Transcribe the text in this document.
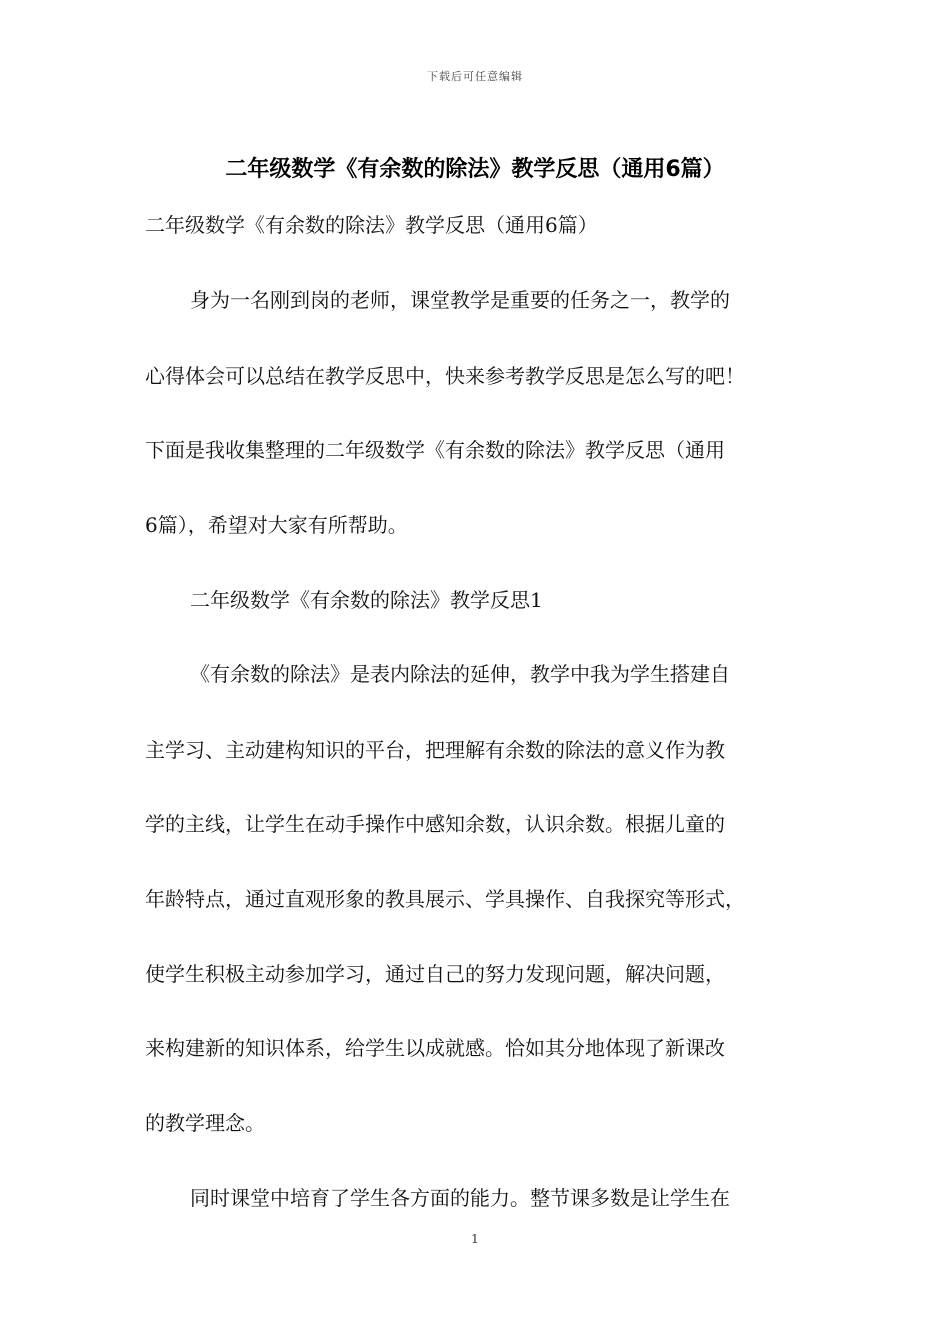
下载后可任意编辑
二年级数学《有余数的除法》教学反思（通用6篇）
二年级数学《有余数的除法》教学反思（通用6篇）
身为一名刚到岗的老师，课堂教学是重要的任务之一，教学的
心得体会可以总结在教学反思中，快来参考教学反思是怎么写的吧！
下面是我收集整理的二年级数学《有余数的除法》教学反思（通用
6篇），希望对大家有所帮助。
二年级数学《有余数的除法》教学反思1
《有余数的除法》是表内除法的延伸，教学中我为学生搭建自
主学习、主动建构知识的平台，把理解有余数的除法的意义作为教
学的主线，让学生在动手操作中感知余数，认识余数。根据儿童的
年龄特点，通过直观形象的教具展示、学具操作、自我探究等形式，
使学生积极主动参加学习，通过自己的努力发现问题，解决问题，
来构建新的知识体系，给学生以成就感。恰如其分地体现了新课改
的教学理念。
同时课堂中培育了学生各方面的能力。整节课多数是让学生在
1
